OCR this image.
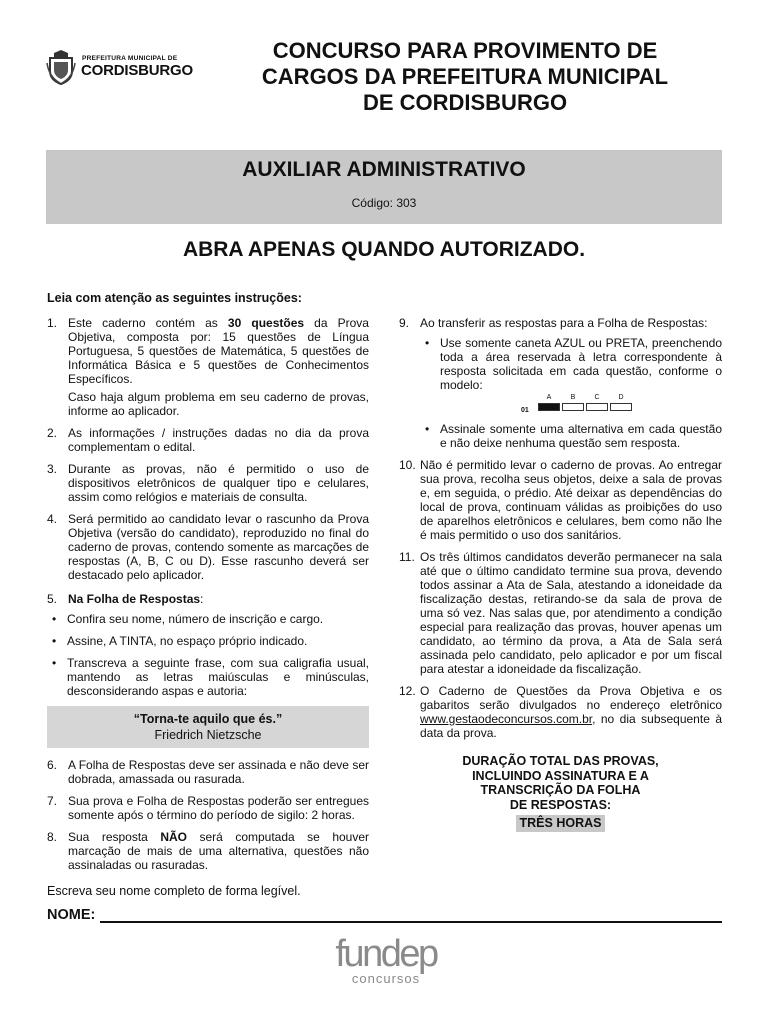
PREFEITURA MUNICIPAL DE
CORDISBURGO
CONCURSO PARA PROVIMENTO DE
CARGOS DA PREFEITURA MUNICIPAL
DE CORDISBURGO
AUXILIAR ADMINISTRATIVO
Código: 303
ABRA APENAS QUANDO AUTORIZADO.
Leia com atenção as seguintes instruções:
1. Este caderno contém as 30 questões da Prova Objetiva, composta por: 15 questões de Língua Portuguesa, 5 questões de Matemática, 5 questões de Informática Básica e 5 questões de Conhecimentos Específicos.
Caso haja algum problema em seu caderno de provas, informe ao aplicador.
2. As informações / instruções dadas no dia da prova complementam o edital.
3. Durante as provas, não é permitido o uso de dispositivos eletrônicos de qualquer tipo e celulares, assim como relógios e materiais de consulta.
4. Será permitido ao candidato levar o rascunho da Prova Objetiva (versão do candidato), reproduzido no final do caderno de provas, contendo somente as marcações de respostas (A, B, C ou D). Esse rascunho deverá ser destacado pelo aplicador.
5. Na Folha de Respostas:
• Confira seu nome, número de inscrição e cargo.
• Assine, A TINTA, no espaço próprio indicado.
• Transcreva a seguinte frase, com sua caligrafia usual, mantendo as letras maiúsculas e minúsculas, desconsiderando aspas e autoria:
“Torna-te aquilo que és.”
Friedrich Nietzsche
6. A Folha de Respostas deve ser assinada e não deve ser dobrada, amassada ou rasurada.
7. Sua prova e Folha de Respostas poderão ser entregues somente após o término do período de sigilo: 2 horas.
8. Sua resposta NÃO será computada se houver marcação de mais de uma alternativa, questões não assinaladas ou rasuradas.
9. Ao transferir as respostas para a Folha de Respostas:
• Use somente caneta AZUL ou PRETA, preenchendo toda a área reservada à letra correspondente à resposta solicitada em cada questão, conforme o modelo:
01
A	B	C	D
• Assinale somente uma alternativa em cada questão e não deixe nenhuma questão sem resposta.
10. Não é permitido levar o caderno de provas. Ao entregar sua prova, recolha seus objetos, deixe a sala de provas e, em seguida, o prédio. Até deixar as dependências do local de prova, continuam válidas as proibições do uso de aparelhos eletrônicos e celulares, bem como não lhe é mais permitido o uso dos sanitários.
11. Os três últimos candidatos deverão permanecer na sala até que o último candidato termine sua prova, devendo todos assinar a Ata de Sala, atestando a idoneidade da fiscalização destas, retirando-se da sala de prova de uma só vez. Nas salas que, por atendimento a condição especial para realização das provas, houver apenas um candidato, ao término da prova, a Ata de Sala será assinada pelo candidato, pelo aplicador e por um fiscal para atestar a idoneidade da fiscalização.
12. O Caderno de Questões da Prova Objetiva e os gabaritos serão divulgados no endereço eletrônico www.gestaodeconcursos.com.br, no dia subsequente à data da prova.
DURAÇÃO TOTAL DAS PROVAS,
INCLUINDO ASSINATURA E A
TRANSCRIÇÃO DA FOLHA
DE RESPOSTAS:
TRÊS HORAS
Escreva seu nome completo de forma legível.
NOME:
fundep
concursos
